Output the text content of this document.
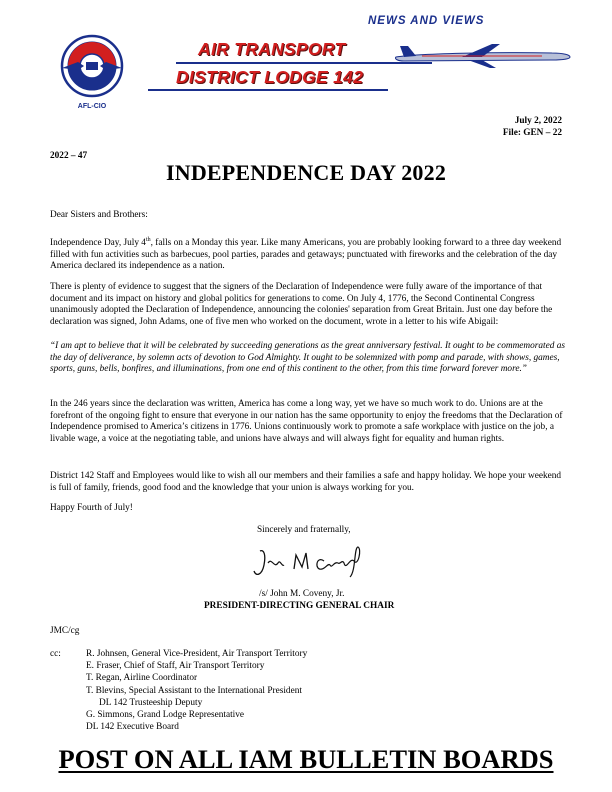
NEWS AND VIEWS
AFL-CIO
AIR TRANSPORT
DISTRICT LODGE 142
July 2, 2022
File: GEN – 22
2022 – 47
INDEPENDENCE DAY 2022
Dear Sisters and Brothers:
Independence Day, July 4th, falls on a Monday this year. Like many Americans, you are probably looking forward to a three day weekend filled with fun activities such as barbecues, pool parties, parades and getaways; punctuated with fireworks and the celebration of the day America declared its independence as a nation.
There is plenty of evidence to suggest that the signers of the Declaration of Independence were fully aware of the importance of that document and its impact on history and global politics for generations to come. On July 4, 1776, the Second Continental Congress unanimously adopted the Declaration of Independence, announcing the colonies' separation from Great Britain. Just one day before the declaration was signed, John Adams, one of five men who worked on the document, wrote in a letter to his wife Abigail:
“I am apt to believe that it will be celebrated by succeeding generations as the great anniversary festival. It ought to be commemorated as the day of deliverance, by solemn acts of devotion to God Almighty. It ought to be solemnized with pomp and parade, with shows, games, sports, guns, bells, bonfires, and illuminations, from one end of this continent to the other, from this time forward forever more.”
In the 246 years since the declaration was written, America has come a long way, yet we have so much work to do. Unions are at the forefront of the ongoing fight to ensure that everyone in our nation has the same opportunity to enjoy the freedoms that the Declaration of Independence promised to America’s citizens in 1776. Unions continuously work to promote a safe workplace with justice on the job, a livable wage, a voice at the negotiating table, and unions have always and will always fight for equality and human rights.
District 142 Staff and Employees would like to wish all our members and their families a safe and happy holiday. We hope your weekend is full of family, friends, good food and the knowledge that your union is always working for you.
Happy Fourth of July!
Sincerely and fraternally,
/s/ John M. Coveny, Jr.
PRESIDENT-DIRECTING GENERAL CHAIR
JMC/cg
cc:	R. Johnsen, General Vice-President, Air Transport Territory
E. Fraser, Chief of Staff, Air Transport Territory
T. Regan, Airline Coordinator
T. Blevins, Special Assistant to the International President
DL 142 Trusteeship Deputy
G. Simmons, Grand Lodge Representative
DL 142 Executive Board
POST ON ALL IAM BULLETIN BOARDS
